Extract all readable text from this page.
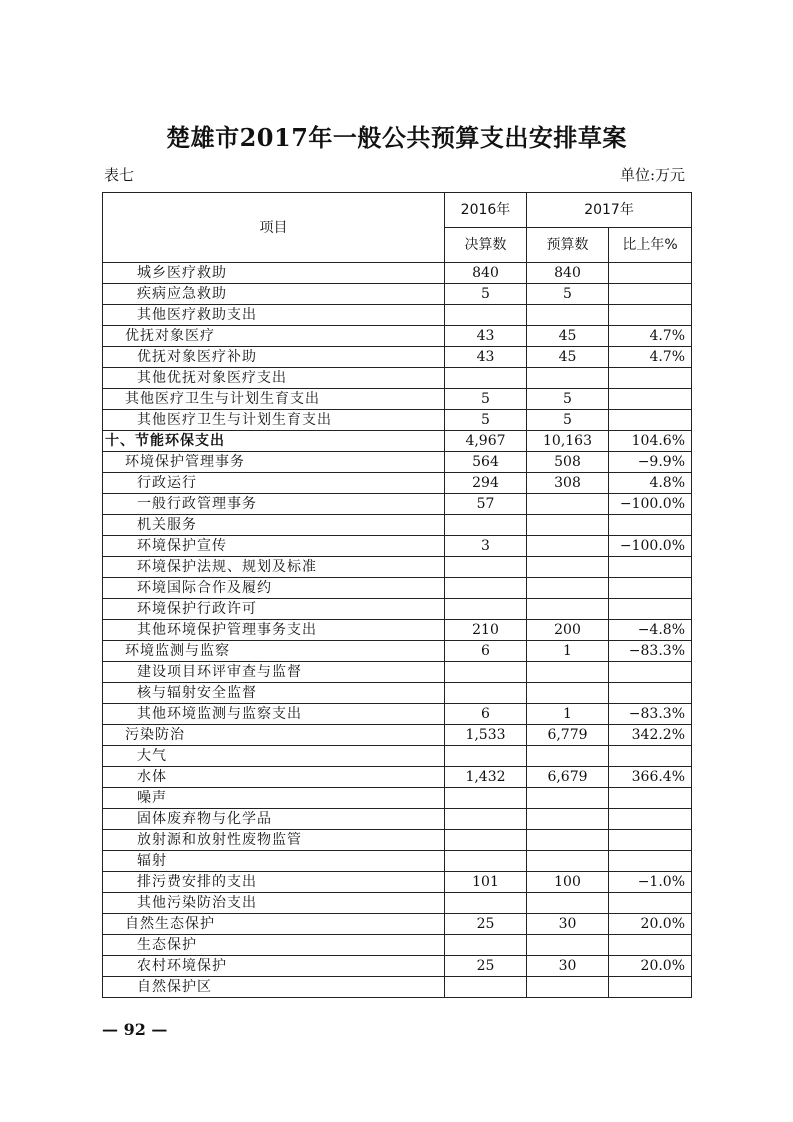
楚雄市2017年一般公共预算支出安排草案
表七	单位:万元
项目	2016年	2017年	
	决算数	预算数	比上年%
城乡医疗救助	840	840	
疾病应急救助	5	5	
其他医疗救助支出			
优抚对象医疗	43	45	4.7%
优抚对象医疗补助	43	45	4.7%
其他优抚对象医疗支出			
其他医疗卫生与计划生育支出	5	5	
其他医疗卫生与计划生育支出	5	5	
十、节能环保支出	4,967	10,163	104.6%
环境保护管理事务	564	508	−9.9%
行政运行	294	308	4.8%
一般行政管理事务	57		−100.0%
机关服务			
环境保护宣传	3		−100.0%
环境保护法规、规划及标准			
环境国际合作及履约			
环境保护行政许可			
其他环境保护管理事务支出	210	200	−4.8%
环境监测与监察	6	1	−83.3%
建设项目环评审查与监督			
核与辐射安全监督			
其他环境监测与监察支出	6	1	−83.3%
污染防治	1,533	6,779	342.2%
大气			
水体	1,432	6,679	366.4%
噪声			
固体废弃物与化学品			
放射源和放射性废物监管			
辐射			
排污费安排的支出	101	100	−1.0%
其他污染防治支出			
自然生态保护	25	30	20.0%
生态保护			
农村环境保护	25	30	20.0%
自然保护区			
— 92 —
